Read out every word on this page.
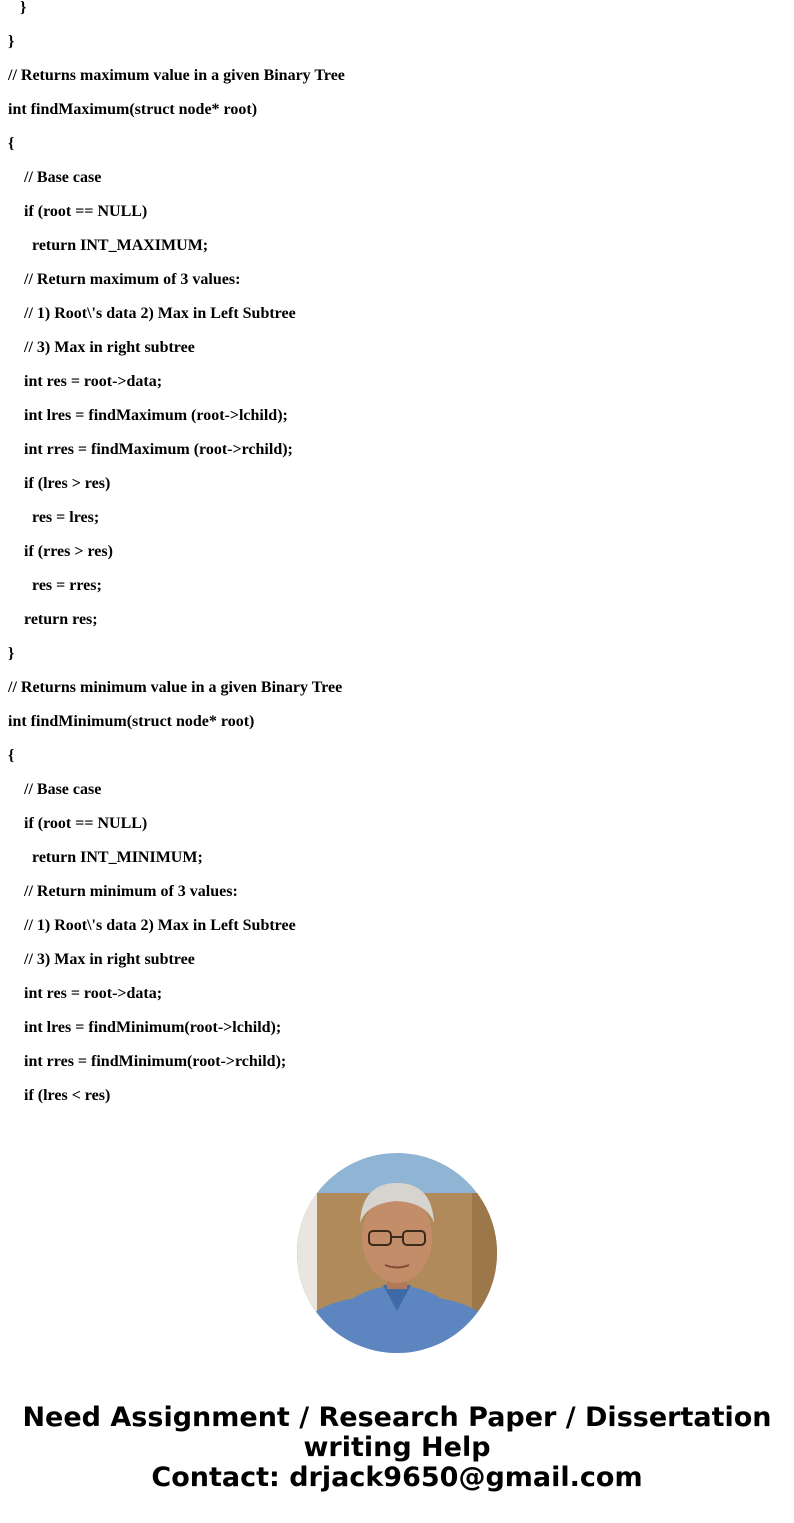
}
}
// Returns maximum value in a given Binary Tree
int findMaximum(struct node* root)
{
// Base case
if (root == NULL)
return INT_MAXIMUM;
// Return maximum of 3 values:
// 1) Root\'s data 2) Max in Left Subtree
// 3) Max in right subtree
int res = root->data;
int lres = findMaximum (root->lchild);
int rres = findMaximum (root->rchild);
if (lres > res)
res = lres;
if (rres > res)
res = rres;
return res;
}
// Returns minimum value in a given Binary Tree
int findMinimum(struct node* root)
{
// Base case
if (root == NULL)
return INT_MINIMUM;
// Return minimum of 3 values:
// 1) Root\'s data 2) Max in Left Subtree
// 3) Max in right subtree
int res = root->data;
int lres = findMinimum(root->lchild);
int rres = findMinimum(root->rchild);
if (lres < res)
Need Assignment / Research Paper / Dissertation
writing Help
Contact: drjack9650@gmail.com
